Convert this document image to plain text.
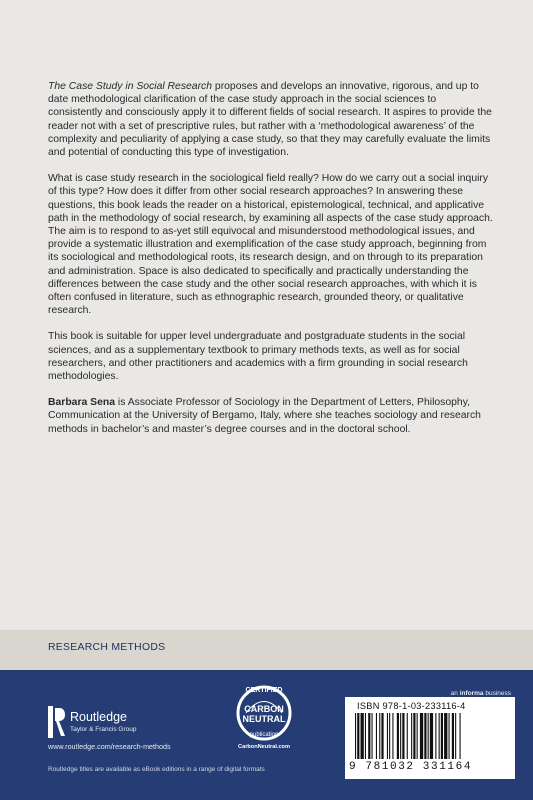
The Case Study in Social Research proposes and develops an innovative, rigorous, and up to date methodological clarification of the case study approach in the social sciences to consistently and consciously apply it to different fields of social research. It aspires to provide the reader not with a set of prescriptive rules, but rather with a ‘methodological awareness’ of the complexity and peculiarity of applying a case study, so that they may carefully evaluate the limits and potential of conducting this type of investigation.

What is case study research in the sociological field really? How do we carry out a social inquiry of this type? How does it differ from other social research approaches? In answering these questions, this book leads the reader on a historical, epistemological, technical, and applicative path in the methodology of social research, by examining all aspects of the case study approach. The aim is to respond to as-yet still equivocal and misunderstood methodological issues, and provide a systematic illustration and exemplification of the case study approach, beginning from its sociological and methodological roots, its research design, and on through to its preparation and administration. Space is also dedicated to specifically and practically understanding the differences between the case study and the other social research approaches, with which it is often confused in literature, such as ethnographic research, grounded theory, or qualitative research.

This book is suitable for upper level undergraduate and postgraduate students in the social sciences, and as a supplementary textbook to primary methods texts, as well as for social researchers, and other practitioners and academics with a firm grounding in social research methodologies.

Barbara Sena is Associate Professor of Sociology in the Department of Letters, Philosophy, Communication at the University of Bergamo, Italy, where she teaches sociology and research methods in bachelor’s and master’s degree courses and in the doctoral school.

RESEARCH METHODS
an informa business
Routledge
Taylor & Francis Group
www.routledge.com/research-methods
Routledge titles are available as eBook editions in a range of digital formats
CERTIFIED
CARBON
NEUTRAL
publication
CarbonNeutral.com
ISBN 978-1-03-233116-4
9 781032 331164
